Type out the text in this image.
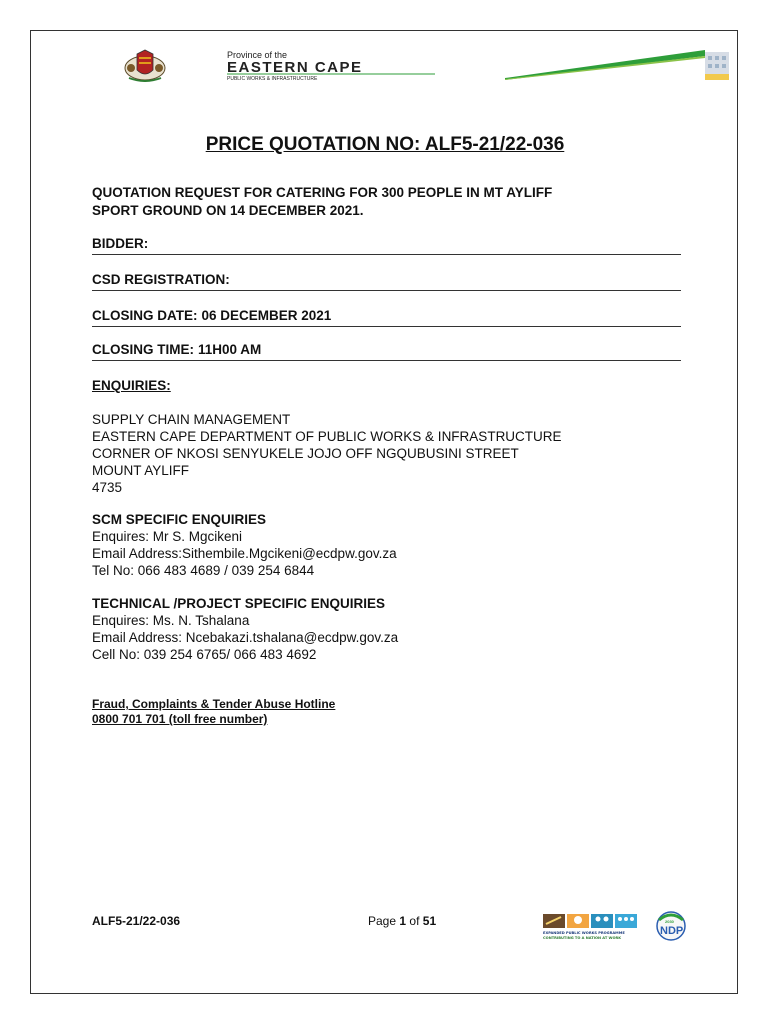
Province of the
EASTERN CAPE
PUBLIC WORKS & INFRASTRUCTURE
PRICE QUOTATION NO: ALF5-21/22-036
QUOTATION REQUEST FOR CATERING FOR 300 PEOPLE IN MT AYLIFF
SPORT GROUND ON 14 DECEMBER 2021.
BIDDER:
CSD REGISTRATION:
CLOSING DATE: 06 DECEMBER 2021
CLOSING TIME: 11H00 AM
ENQUIRIES:
SUPPLY CHAIN MANAGEMENT
EASTERN CAPE DEPARTMENT OF PUBLIC WORKS & INFRASTRUCTURE
CORNER OF NKOSI SENYUKELE JOJO OFF NGQUBUSINI STREET
MOUNT AYLIFF
4735
SCM SPECIFIC ENQUIRIES
Enquires: Mr S. Mgcikeni
Email Address:Sithembile.Mgcikeni@ecdpw.gov.za
Tel No: 066 483 4689 / 039 254 6844
TECHNICAL /PROJECT SPECIFIC ENQUIRIES
Enquires: Ms. N. Tshalana
Email Address: Ncebakazi.tshalana@ecdpw.gov.za
Cell No: 039 254 6765/ 066 483 4692
Fraud, Complaints & Tender Abuse Hotline
0800 701 701 (toll free number)
ALF5-21/22-036	Page 1 of 51
EXPANDED PUBLIC WORKS PROGRAMME
CONTRIBUTING TO A NATION AT WORK
NDP
2030
